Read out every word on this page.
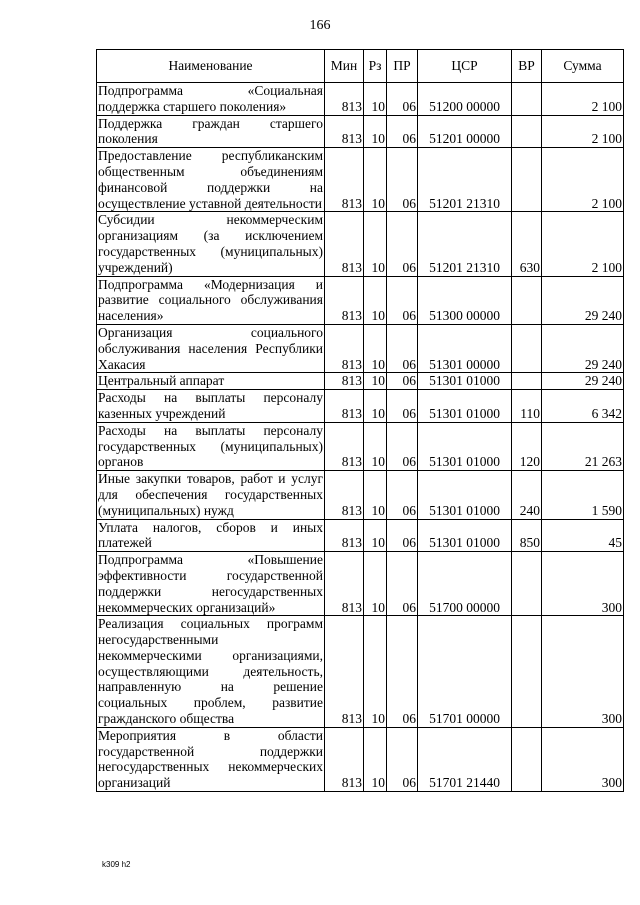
166
Наименование	Мин	Рз	ПР	ЦСР	ВР	Сумма
Подпрограмма «Социальная поддержка старшего поколения»	813	10	06	51200 00000		2 100
Поддержка граждан старшего поколения	813	10	06	51201 00000		2 100
Предоставление республиканским общественным объединениям финансовой поддержки на осуществление уставной деятельности	813	10	06	51201 21310		2 100
Субсидии некоммерческим организациям (за исключением государственных (муниципальных) учреждений)	813	10	06	51201 21310	630	2 100
Подпрограмма «Модернизация и развитие социального обслуживания населения»	813	10	06	51300 00000		29 240
Организация социального обслуживания населения Республики Хакасия	813	10	06	51301 00000		29 240
Центральный аппарат	813	10	06	51301 01000		29 240
Расходы на выплаты персоналу казенных учреждений	813	10	06	51301 01000	110	6 342
Расходы на выплаты персоналу государственных (муниципальных) органов	813	10	06	51301 01000	120	21 263
Иные закупки товаров, работ и услуг для обеспечения государственных (муниципальных) нужд	813	10	06	51301 01000	240	1 590
Уплата налогов, сборов и иных платежей	813	10	06	51301 01000	850	45
Подпрограмма «Повышение эффективности государственной поддержки негосударственных некоммерческих организаций»	813	10	06	51700 00000		300
Реализация социальных программ негосударственными некоммерческими организациями, осуществляющими деятельность, направленную на решение социальных проблем, развитие гражданского общества	813	10	06	51701 00000		300
Мероприятия в области государственной поддержки негосударственных некоммерческих организаций	813	10	06	51701 21440		300
k309 h2
